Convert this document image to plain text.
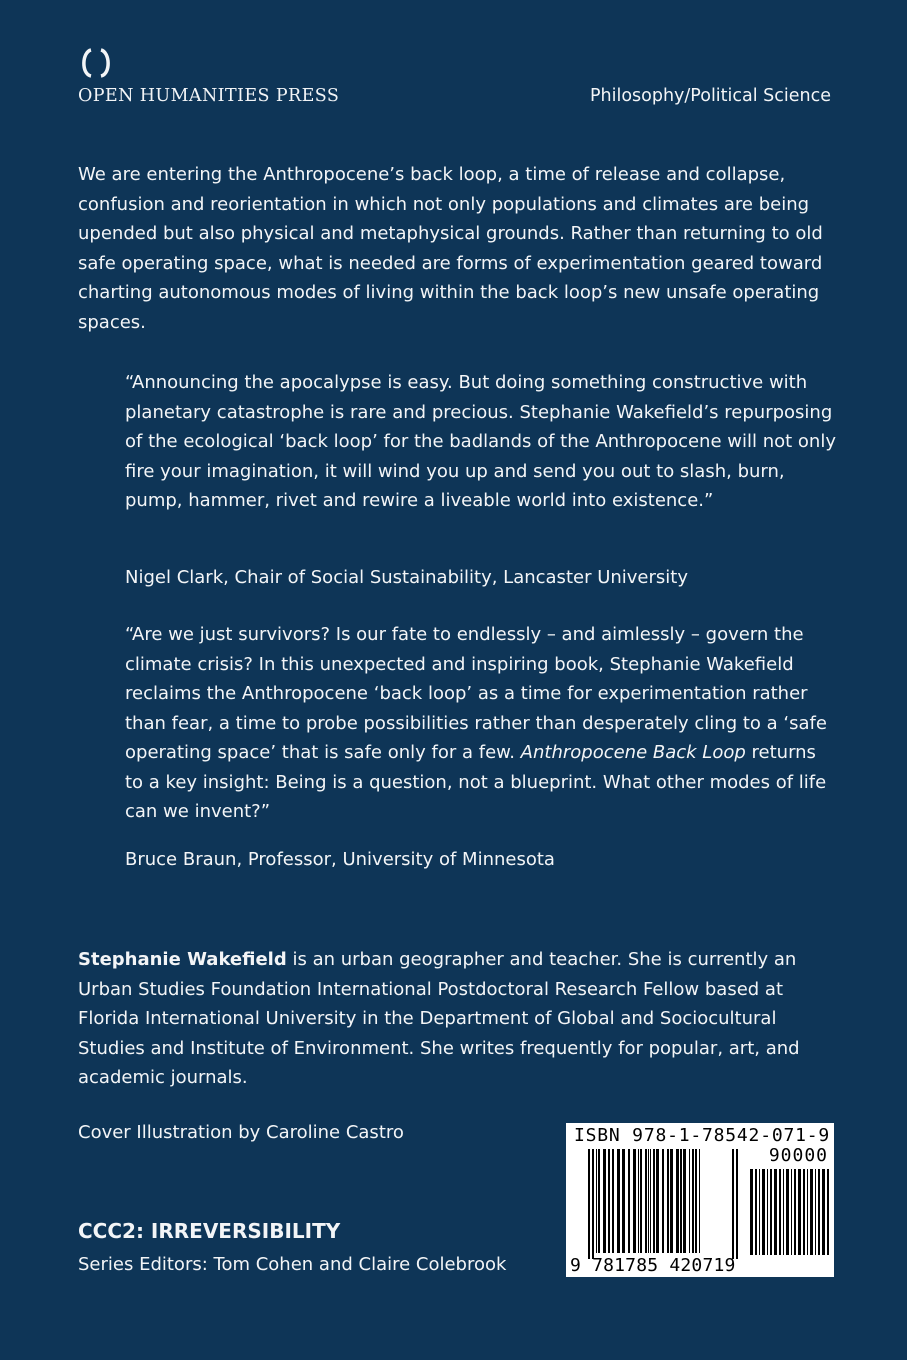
OPEN HUMANITIES PRESS	Philosophy/Political Science

We are entering the Anthropocene’s back loop, a time of release and collapse, confusion and reorientation in which not only populations and climates are being upended but also physical and metaphysical grounds. Rather than returning to old safe operating space, what is needed are forms of experimentation geared toward charting autonomous modes of living within the back loop’s new unsafe operating spaces.

“Announcing the apocalypse is easy. But doing something constructive with planetary catastrophe is rare and precious. Stephanie Wakefield’s repurposing of the ecological ‘back loop’ for the badlands of the Anthropocene will not only fire your imagination, it will wind you up and send you out to slash, burn, pump, hammer, rivet and rewire a liveable world into existence.”

Nigel Clark, Chair of Social Sustainability, Lancaster University

“Are we just survivors? Is our fate to endlessly – and aimlessly – govern the climate crisis? In this unexpected and inspiring book, Stephanie Wakefield reclaims the Anthropocene ‘back loop’ as a time for experimentation rather than fear, a time to probe possibilities rather than desperately cling to a ‘safe operating space’ that is safe only for a few. Anthropocene Back Loop returns to a key insight: Being is a question, not a blueprint. What other modes of life can we invent?”

Bruce Braun, Professor, University of Minnesota

Stephanie Wakefield is an urban geographer and teacher. She is currently an Urban Studies Foundation International Postdoctoral Research Fellow based at Florida International University in the Department of Global and Sociocultural Studies and Institute of Environment. She writes frequently for popular, art, and academic journals.

Cover Illustration by Caroline Castro
CCC2: IRREVERSIBILITY
Series Editors: Tom Cohen and Claire Colebrook
ISBN 978-1-78542-071-9
90000
9 781785 420719
